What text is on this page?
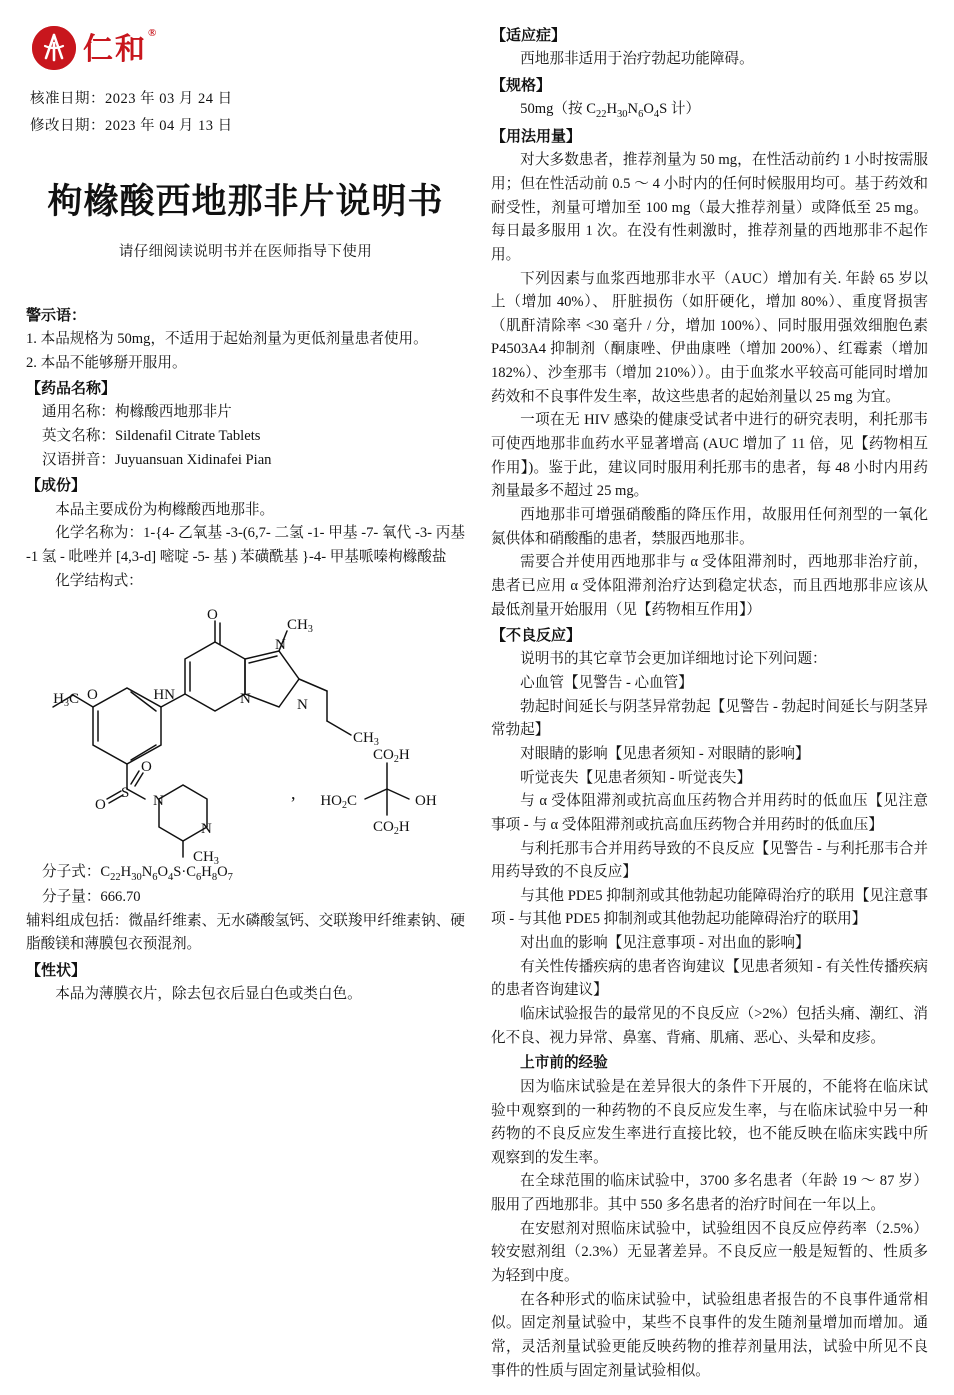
仁和®
核准日期：2023 年 03 月 24 日
修改日期：2023 年 04 月 13 日
枸橼酸西地那非片说明书
请仔细阅读说明书并在医师指导下使用
警示语：
1. 本品规格为 50mg，不适用于起始剂量为更低剂量患者使用。
2. 本品不能够掰开服用。
【药品名称】
通用名称：枸橼酸西地那非片
英文名称：Sildenafil Citrate Tablets
汉语拼音：Juyuansuan Xidinafei Pian
【成份】
本品主要成份为枸橼酸西地那非。
化学名称为：1-{4- 乙氧基 -3-(6,7- 二氢 -1- 甲基 -7- 氧代 -3- 丙基 -1 氢 - 吡唑并 [4,3-d] 嘧啶 -5- 基 ) 苯磺酰基 }-4- 甲基哌嗪枸橼酸盐
化学结构式：
O
$H_3C$ O	HN	N	N
N
$CH_3$
$CH_3$
S
O
O
N
N
$CH_3$
,
$CO_2H$
$HO_2C$	OH
$CO_2H$
分子式：$C_{22}H_{30}N_6O_4S\cdot C_6H_8O_7$
分子量：666.70
辅料组成包括：微晶纤维素、无水磷酸氢钙、交联羧甲纤维素钠、硬脂酸镁和薄膜包衣预混剂。
【性状】
本品为薄膜衣片，除去包衣后显白色或类白色。
【适应症】
西地那非适用于治疗勃起功能障碍。
【规格】
50mg（按 $C_{22}H_{30}N_6O_4S$ 计）
【用法用量】
对大多数患者，推荐剂量为 50 mg，在性活动前约 1 小时按需服用；但在性活动前 0.5 ～ 4 小时内的任何时候服用均可。基于药效和耐受性，剂量可增加至 100 mg（最大推荐剂量）或降低至 25 mg。每日最多服用 1 次。在没有性刺激时，推荐剂量的西地那非不起作用。
下列因素与血浆西地那非水平（AUC）增加有关. 年龄 65 岁以上（增加 40%）、 肝脏损伤（如肝硬化，增加 80%）、重度肾损害（肌酐清除率 <30 毫升 / 分，增加 100%）、同时服用强效细胞色素 P4503A4 抑制剂（酮康唑、伊曲康唑（增加 200%）、红霉素（增加 182%）、沙奎那韦（增加 210%））。由于血浆水平较高可能同时增加药效和不良事件发生率，故这些患者的起始剂量以 25 mg 为宜。
一项在无 HIV 感染的健康受试者中进行的研究表明，利托那韦可使西地那非血药水平显著增高 (AUC 增加了 11 倍，见【药物相互作用】)。鉴于此，建议同时服用利托那韦的患者，每 48 小时内用药剂量最多不超过 25 mg。
西地那非可增强硝酸酯的降压作用，故服用任何剂型的一氧化氮供体和硝酸酯的患者，禁服西地那非。
需要合并使用西地那非与 α 受体阻滞剂时，西地那非治疗前，患者已应用 α 受体阻滞剂治疗达到稳定状态，而且西地那非应该从最低剂量开始服用（见【药物相互作用】）
【不良反应】
说明书的其它章节会更加详细地讨论下列问题：
心血管【见警告 - 心血管】
勃起时间延长与阴茎异常勃起【见警告 - 勃起时间延长与阴茎异常勃起】
对眼睛的影响【见患者须知 - 对眼睛的影响】
听觉丧失【见患者须知 - 听觉丧失】
与 α 受体阻滞剂或抗高血压药物合并用药时的低血压【见注意事项 - 与 α 受体阻滞剂或抗高血压药物合并用药时的低血压】
与利托那韦合并用药导致的不良反应【见警告 - 与利托那韦合并用药导致的不良反应】
与其他 PDE5 抑制剂或其他勃起功能障碍治疗的联用【见注意事项 - 与其他 PDE5 抑制剂或其他勃起功能障碍治疗的联用】
对出血的影响【见注意事项 - 对出血的影响】
有关性传播疾病的患者咨询建议【见患者须知 - 有关性传播疾病的患者咨询建议】
临床试验报告的最常见的不良反应（>2%）包括头痛、潮红、消化不良、视力异常、鼻塞、背痛、肌痛、恶心、头晕和皮疹。
上市前的经验
因为临床试验是在差异很大的条件下开展的，不能将在临床试验中观察到的一种药物的不良反应发生率，与在临床试验中另一种药物的不良反应发生率进行直接比较，也不能反映在临床实践中所观察到的发生率。
在全球范围的临床试验中，3700 多名患者（年龄 19 ～ 87 岁）服用了西地那非。其中 550 多名患者的治疗时间在一年以上。
在安慰剂对照临床试验中，试验组因不良反应停药率（2.5%）较安慰剂组（2.3%）无显著差异。不良反应一般是短暂的、性质多为轻到中度。
在各种形式的临床试验中，试验组患者报告的不良事件通常相似。固定剂量试验中，某些不良事件的发生随剂量增加而增加。通常，灵活剂量试验更能反映药物的推荐剂量用法，试验中所见不良事件的性质与固定剂量试验相似。
